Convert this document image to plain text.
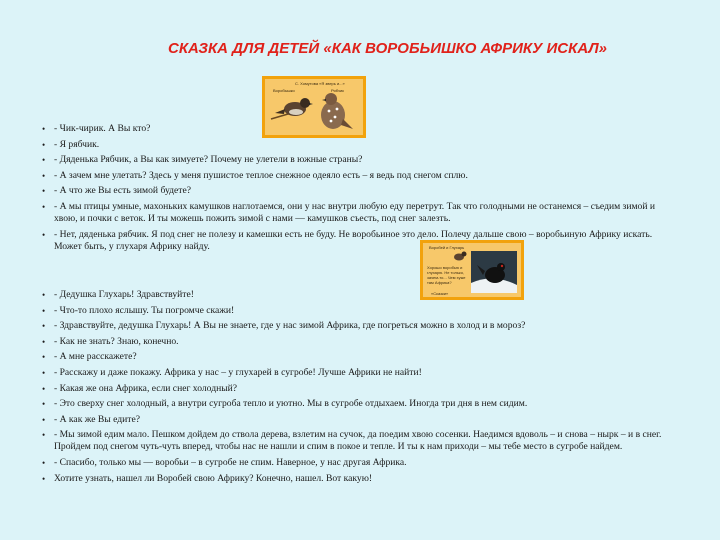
СКАЗКА ДЛЯ ДЕТЕЙ «КАК ВОРОБЬИШКО АФРИКУ ИСКАЛ»
С. Хомутова «Я зверь и...»
Воробышко	Рябчик
• - Чик-чирик. А Вы кто?
• - Я рябчик.
• - Дяденька Рябчик, а Вы как зимуете? Почему не улетели в южные страны?
• - А зачем мне улетать? Здесь у меня пушистое теплое снежное одеяло есть – я ведь под снегом сплю.
• - А что же Вы есть зимой будете?
• - А мы птицы умные, махоньких камушков наглотаемся, они у нас внутри любую еду перетрут. Так что голодными не останемся – съедим зимой и хвою, и почки с веток. И ты можешь пожить зимой с нами — камушков съесть, под снег залезть.
• - Нет, дяденька рябчик. Я под снег не полезу и камешки есть не буду. Не воробьиное это дело. Полечу дальше свою – воробьиную Африку искать. Может быть, у глухаря Африку найду.	Воробей и Глухарь
Хорошо воробью и глухарю. Не только, зачем-то... Чем хуже там Африка?
«Сказки»
• - Дедушка Глухарь! Здравствуйте!
• - Что-то плохо яслышу. Ты погромче скажи!
• - Здравствуйте, дедушка Глухарь! А Вы не знаете, где у нас зимой Африка, где погреться можно в холод и в мороз?
• - Как не знать? Знаю, конечно.
• - А мне расскажете?
• - Расскажу и даже покажу. Африка у нас – у глухарей в сугробе! Лучше Африки не найти!
• - Какая же она Африка, если снег холодный?
• - Это сверху снег холодный, а внутри сугроба тепло и уютно. Мы в сугробе отдыхаем. Иногда три дня в нем сидим.
• - А как же Вы едите?
• - Мы зимой едим мало. Пешком дойдем до ствола дерева, взлетим на сучок, да поедим хвою сосенки. Наедимся вдоволь – и снова – нырк – и в снег. Пройдем под снегом чуть-чуть вперед, чтобы нас не нашли и спим в покое и тепле. И ты к нам приходи – мы тебе место в сугробе найдем.
• - Спасибо, только мы — воробьи – в сугробе не спим. Наверное, у нас другая Африка.
• Хотите узнать, нашел ли Воробей свою Африку? Конечно, нашел. Вот какую!
